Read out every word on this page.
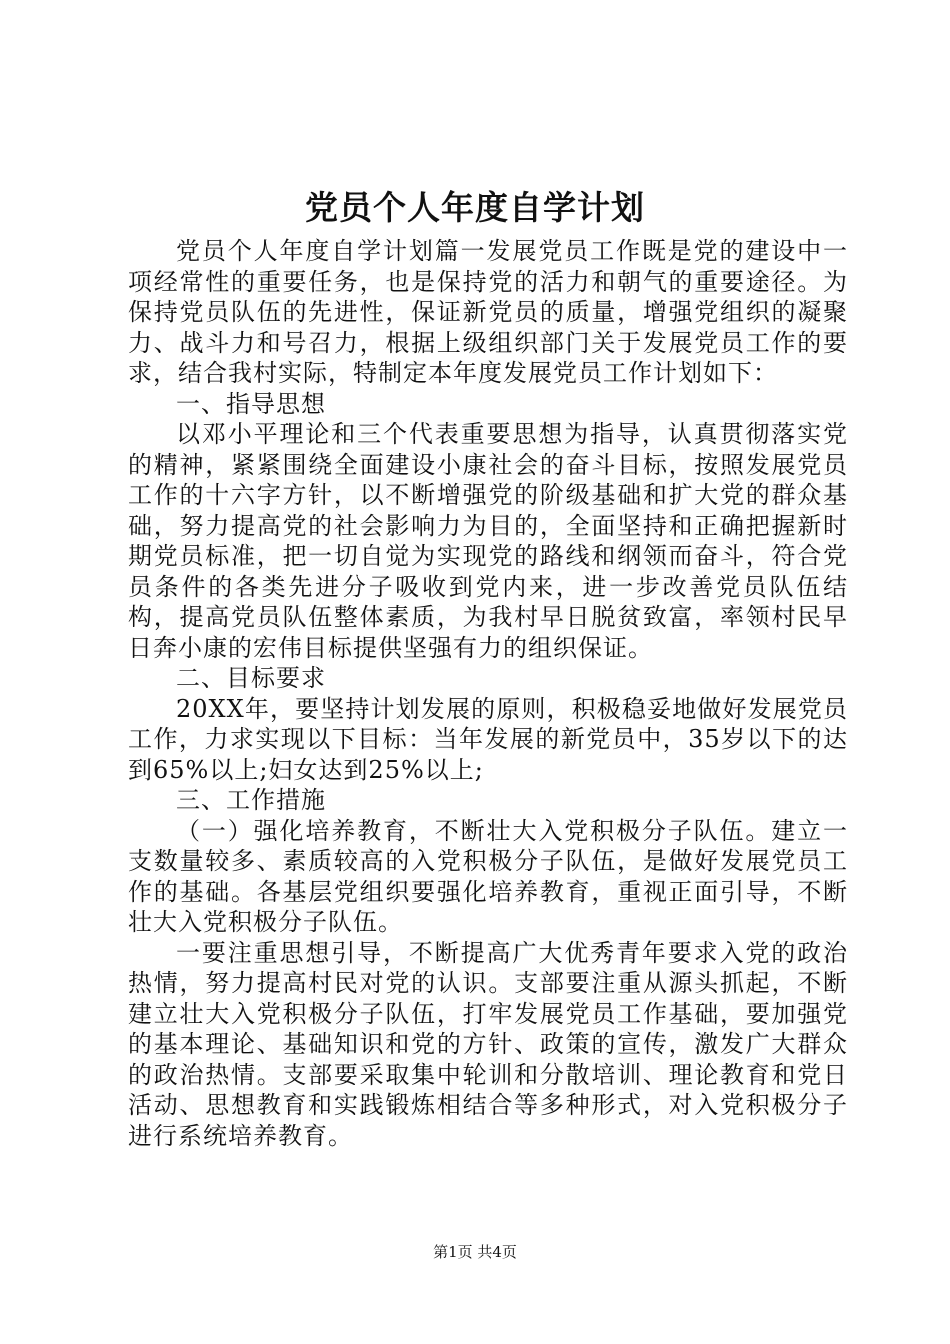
党员个人年度自学计划

党员个人年度自学计划篇一发展党员工作既是党的建设中一项经常性的重要任务，也是保持党的活力和朝气的重要途径。为保持党员队伍的先进性，保证新党员的质量，增强党组织的凝聚力、战斗力和号召力，根据上级组织部门关于发展党员工作的要求，结合我村实际，特制定本年度发展党员工作计划如下：

一、指导思想

以邓小平理论和三个代表重要思想为指导，认真贯彻落实党的精神，紧紧围绕全面建设小康社会的奋斗目标，按照发展党员工作的十六字方针，以不断增强党的阶级基础和扩大党的群众基础，努力提高党的社会影响力为目的，全面坚持和正确把握新时期党员标准，把一切自觉为实现党的路线和纲领而奋斗，符合党员条件的各类先进分子吸收到党内来，进一步改善党员队伍结构，提高党员队伍整体素质，为我村早日脱贫致富，率领村民早日奔小康的宏伟目标提供坚强有力的组织保证。

二、目标要求

20XX年，要坚持计划发展的原则，积极稳妥地做好发展党员工作，力求实现以下目标：当年发展的新党员中，35岁以下的达到65%以上;妇女达到25%以上;

三、工作措施

（一）强化培养教育，不断壮大入党积极分子队伍。建立一支数量较多、素质较高的入党积极分子队伍，是做好发展党员工作的基础。各基层党组织要强化培养教育，重视正面引导，不断壮大入党积极分子队伍。

一要注重思想引导，不断提高广大优秀青年要求入党的政治热情，努力提高村民对党的认识。支部要注重从源头抓起，不断建立壮大入党积极分子队伍，打牢发展党员工作基础，要加强党的基本理论、基础知识和党的方针、政策的宣传，激发广大群众的政治热情。支部要采取集中轮训和分散培训、理论教育和党日活动、思想教育和实践锻炼相结合等多种形式，对入党积极分子进行系统培养教育。

第1页 共4页
